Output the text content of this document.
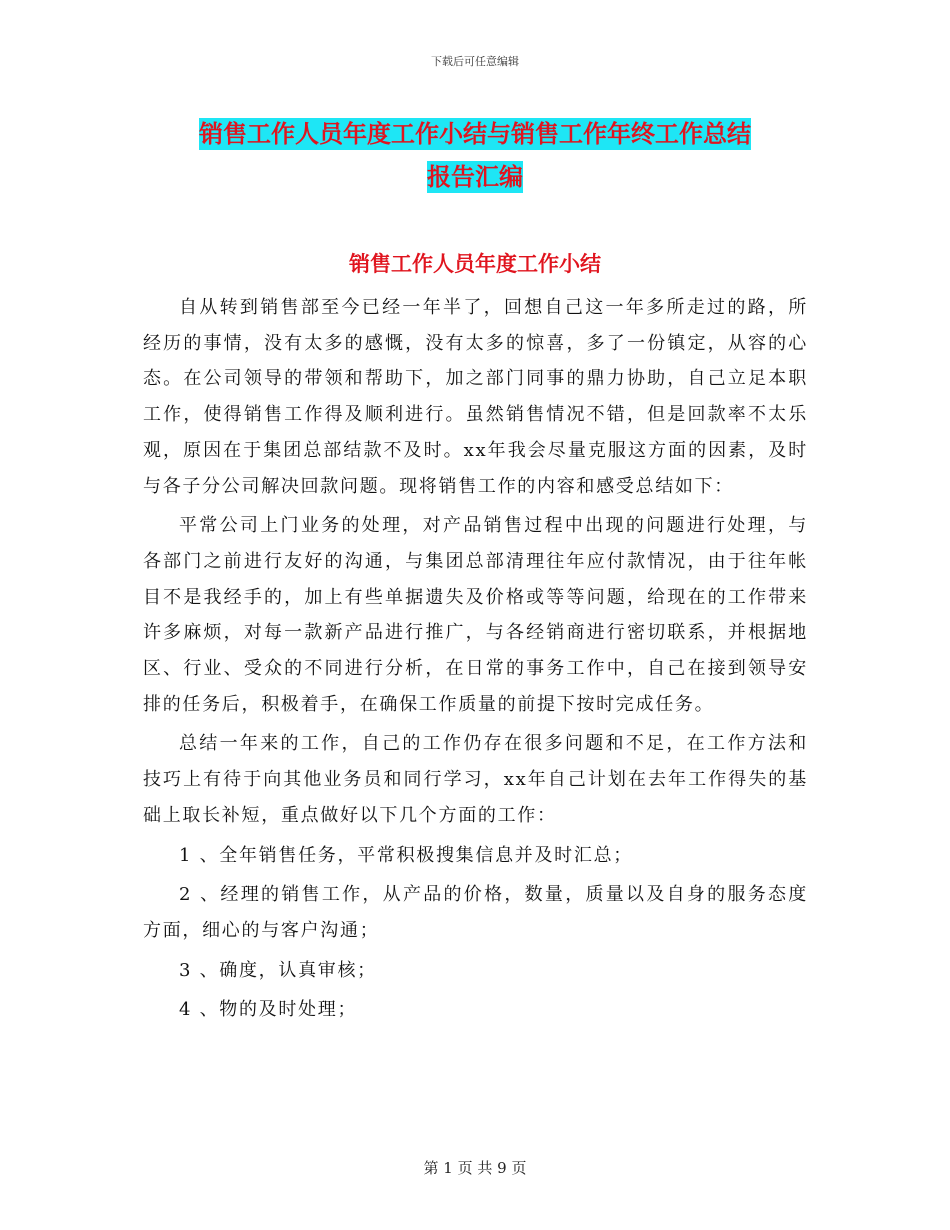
下载后可任意编辑
销售工作人员年度工作小结与销售工作年终工作总结
报告汇编
销售工作人员年度工作小结

自从转到销售部至今已经一年半了，回想自己这一年多所走过的路，所经历的事情，没有太多的感慨，没有太多的惊喜，多了一份镇定，从容的心态。在公司领导的带领和帮助下，加之部门同事的鼎力协助，自己立足本职工作，使得销售工作得及顺利进行。虽然销售情况不错，但是回款率不太乐观，原因在于集团总部结款不及时。xx年我会尽量克服这方面的因素，及时与各子分公司解决回款问题。现将销售工作的内容和感受总结如下：

平常公司上门业务的处理，对产品销售过程中出现的问题进行处理，与各部门之前进行友好的沟通，与集团总部清理往年应付款情况，由于往年帐目不是我经手的，加上有些单据遗失及价格或等等问题，给现在的工作带来许多麻烦，对每一款新产品进行推广，与各经销商进行密切联系，并根据地区、行业、受众的不同进行分析，在日常的事务工作中，自己在接到领导安排的任务后，积极着手，在确保工作质量的前提下按时完成任务。

总结一年来的工作，自己的工作仍存在很多问题和不足，在工作方法和技巧上有待于向其他业务员和同行学习，xx年自己计划在去年工作得失的基础上取长补短，重点做好以下几个方面的工作：

1 、全年销售任务，平常积极搜集信息并及时汇总；

2 、经理的销售工作，从产品的价格，数量，质量以及自身的服务态度方面，细心的与客户沟通；

3 、确度，认真审核；

4 、物的及时处理；

第 1 页 共 9 页
